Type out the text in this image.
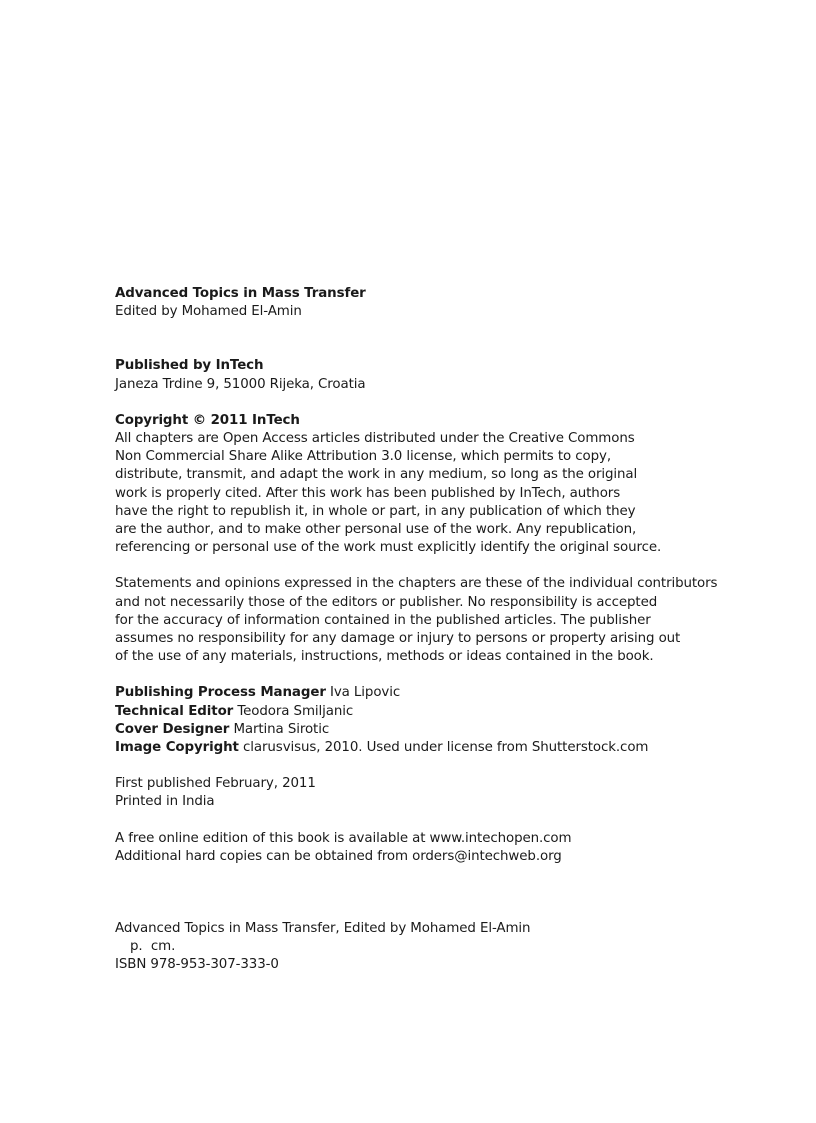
Advanced Topics in Mass Transfer
Edited by Mohamed El-Amin
Published by InTech
Janeza Trdine 9, 51000 Rijeka, Croatia
Copyright © 2011 InTech
All chapters are Open Access articles distributed under the Creative Commons
Non Commercial Share Alike Attribution 3.0 license, which permits to copy,
distribute, transmit, and adapt the work in any medium, so long as the original
work is properly cited. After this work has been published by InTech, authors
have the right to republish it, in whole or part, in any publication of which they
are the author, and to make other personal use of the work. Any republication,
referencing or personal use of the work must explicitly identify the original source.
Statements and opinions expressed in the chapters are these of the individual contributors
and not necessarily those of the editors or publisher. No responsibility is accepted
for the accuracy of information contained in the published articles. The publisher
assumes no responsibility for any damage or injury to persons or property arising out
of the use of any materials, instructions, methods or ideas contained in the book.
Publishing Process Manager Iva Lipovic
Technical Editor Teodora Smiljanic
Cover Designer Martina Sirotic
Image Copyright clarusvisus, 2010. Used under license from Shutterstock.com
First published February, 2011
Printed in India
A free online edition of this book is available at www.intechopen.com
Additional hard copies can be obtained from orders@intechweb.org
Advanced Topics in Mass Transfer, Edited by Mohamed El-Amin
p.  cm.
ISBN 978-953-307-333-0
